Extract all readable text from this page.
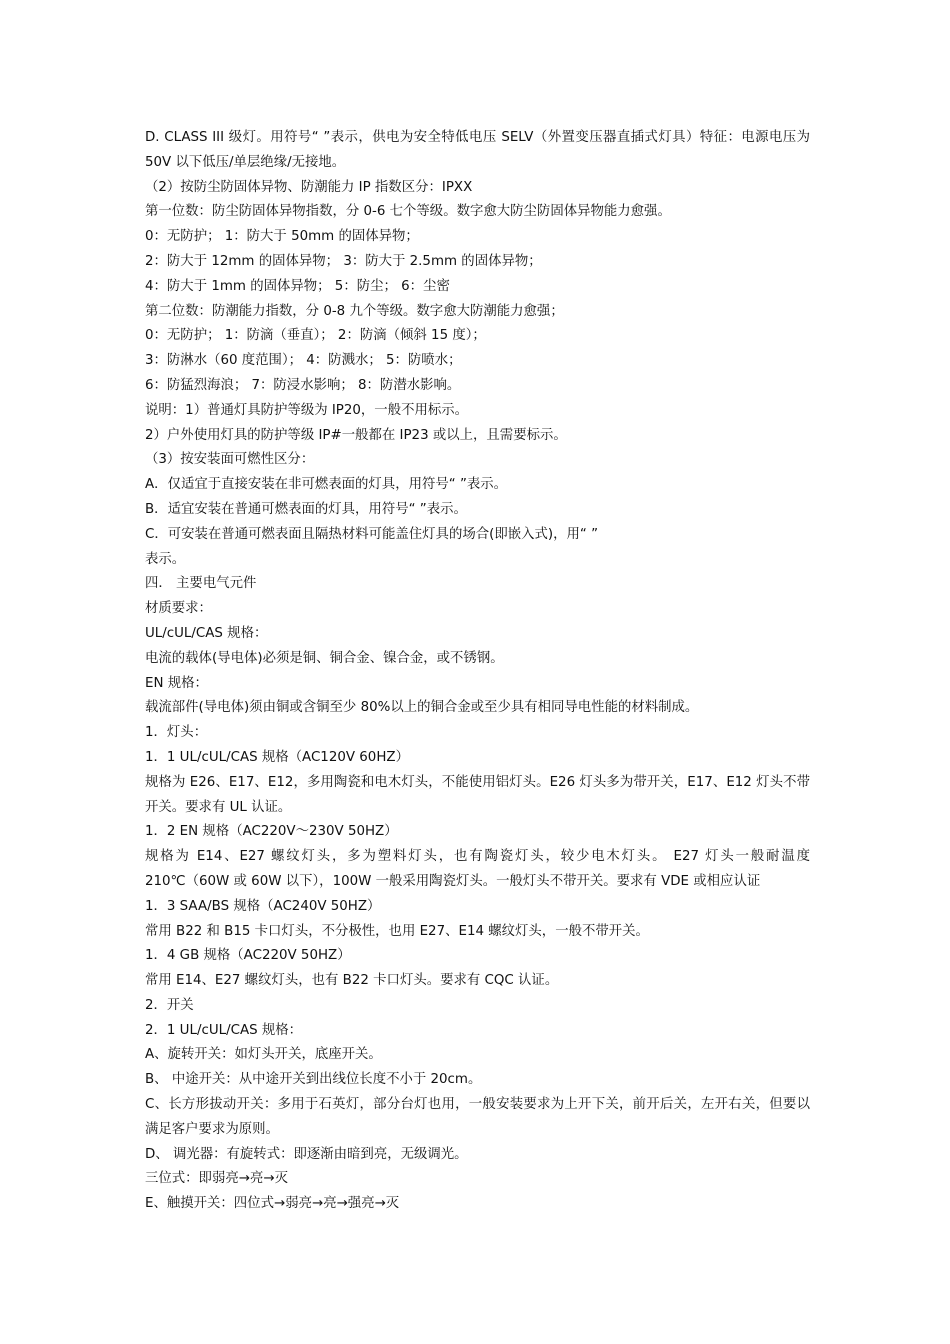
D. CLASS III 级灯。用符号“ ”表示，供电为安全特低电压 SELV（外置变压器直插式灯具）特征：电源电压为 50V 以下低压/单层绝缘/无接地。

（2）按防尘防固体异物、防潮能力 IP 指数区分：IPXX

第一位数：防尘防固体异物指数，分 0-6 七个等级。数字愈大防尘防固体异物能力愈强。

0：无防护； 1：防大于 50mm 的固体异物；

2：防大于 12mm 的固体异物； 3：防大于 2.5mm 的固体异物；

4：防大于 1mm 的固体异物； 5：防尘； 6：尘密

第二位数：防潮能力指数，分 0-8 九个等级。数字愈大防潮能力愈强；

0：无防护； 1：防滴（垂直）； 2：防滴（倾斜 15 度）；

3：防淋水（60 度范围）； 4：防溅水； 5：防喷水；

6：防猛烈海浪； 7：防浸水影响； 8：防潜水影响。

说明：1）普通灯具防护等级为 IP20，一般不用标示。

2）户外使用灯具的防护等级 IP#一般都在 IP23 或以上，且需要标示。

（3）按安装面可燃性区分：

A．仅适宜于直接安装在非可燃表面的灯具，用符号“ ”表示。

B．适宜安装在普通可燃表面的灯具，用符号“ ”表示。

C．可安装在普通可燃表面且隔热材料可能盖住灯具的场合(即嵌入式)，用“ ”

表示。

四． 主要电气元件

材质要求：

UL/cUL/CAS 规格：

电流的载体(导电体)必须是铜、铜合金、镍合金，或不锈钢。

EN 规格：

载流部件(导电体)须由铜或含铜至少 80%以上的铜合金或至少具有相同导电性能的材料制成。

1．灯头：

1．1 UL/cUL/CAS 规格（AC120V 60HZ）

规格为 E26、E17、E12，多用陶瓷和电木灯头，不能使用铝灯头。E26 灯头多为带开关，E17、E12 灯头不带开关。要求有 UL 认证。

1．2 EN 规格（AC220V～230V 50HZ）

规格为 E14、E27 螺纹灯头，多为塑料灯头，也有陶瓷灯头，较少电木灯头。 E27 灯头一般耐温度 210℃（60W 或 60W 以下），100W 一般采用陶瓷灯头。一般灯头不带开关。要求有 VDE 或相应认证

1．3 SAA/BS 规格（AC240V 50HZ）

常用 B22 和 B15 卡口灯头，不分极性，也用 E27、E14 螺纹灯头，一般不带开关。

1．4 GB 规格（AC220V 50HZ）

常用 E14、E27 螺纹灯头，也有 B22 卡口灯头。要求有 CQC 认证。

2．开关

2．1 UL/cUL/CAS 规格：

A、旋转开关：如灯头开关，底座开关。

B、 中途开关：从中途开关到出线位长度不小于 20cm。

C、长方形拔动开关：多用于石英灯，部分台灯也用，一般安装要求为上开下关，前开后关，左开右关，但要以满足客户要求为原则。

D、 调光器：有旋转式：即逐渐由暗到亮，无级调光。

三位式：即弱亮→亮→灭

E、触摸开关：四位式→弱亮→亮→强亮→灭
